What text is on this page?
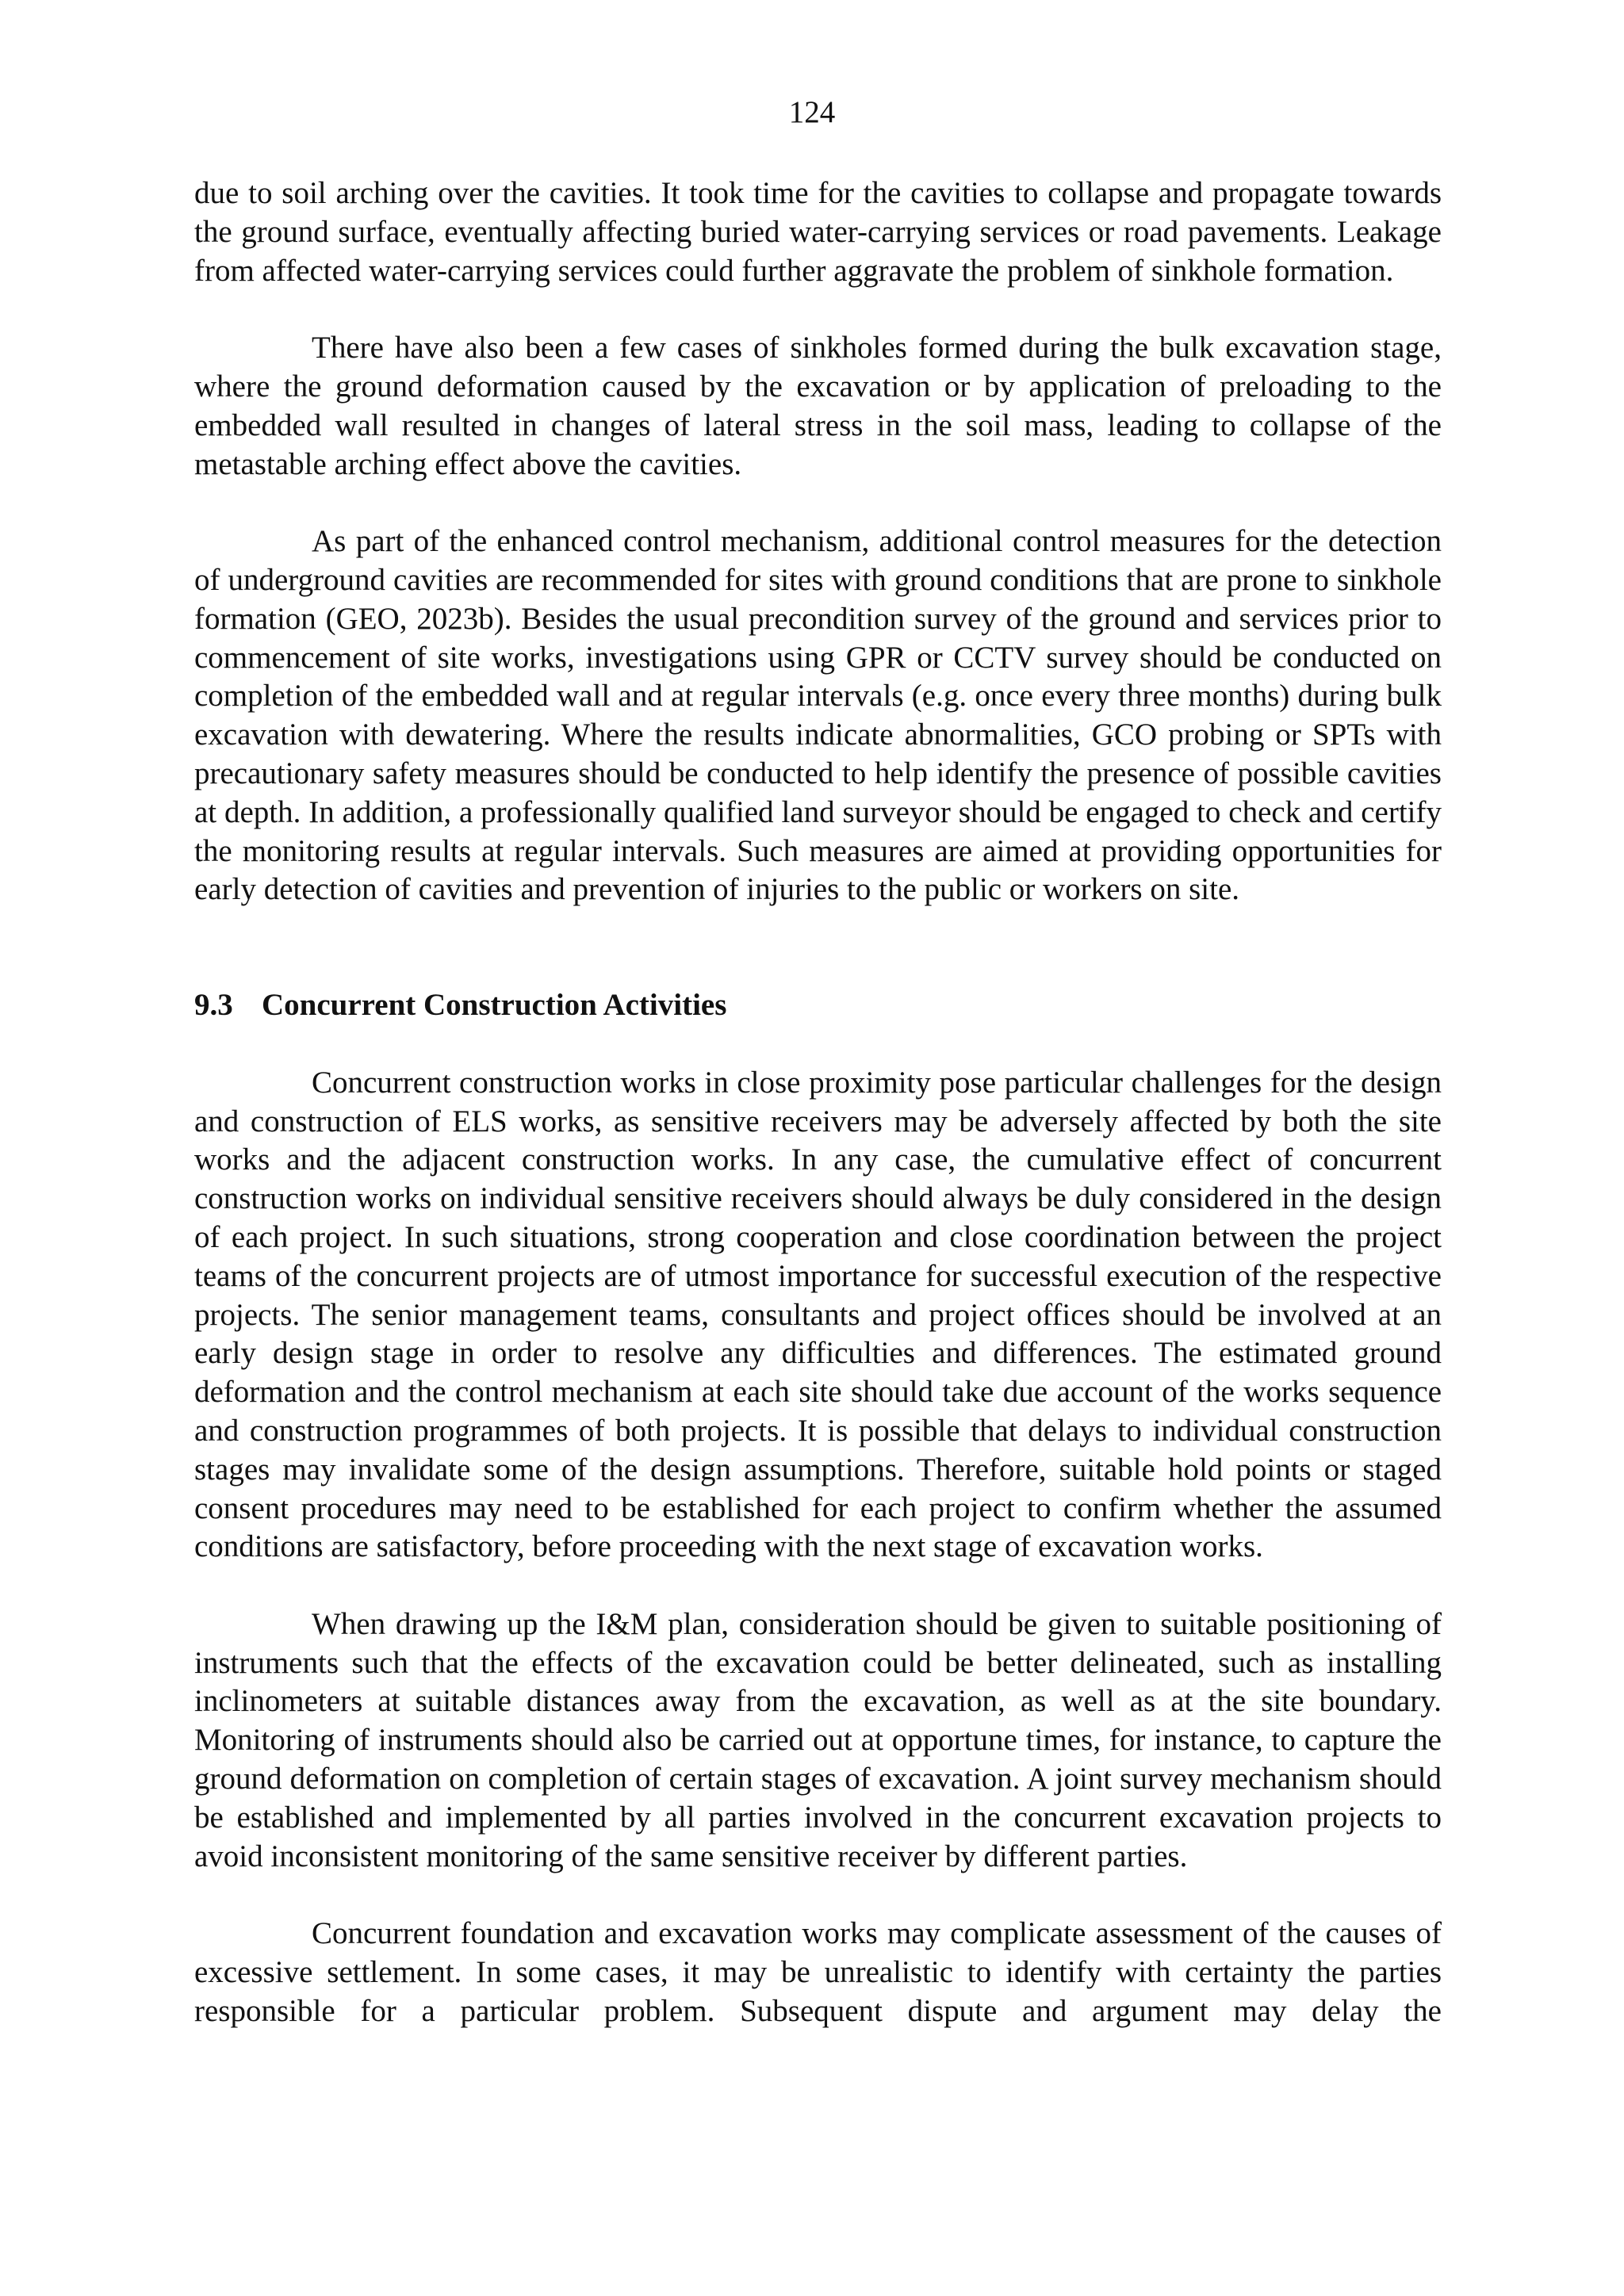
124

due to soil arching over the cavities. It took time for the cavities to collapse and propagate towards the ground surface, eventually affecting buried water-carrying services or road pavements. Leakage from affected water-carrying services could further aggravate the problem of sinkhole formation.

There have also been a few cases of sinkholes formed during the bulk excavation stage, where the ground deformation caused by the excavation or by application of preloading to the embedded wall resulted in changes of lateral stress in the soil mass, leading to collapse of the metastable arching effect above the cavities.

As part of the enhanced control mechanism, additional control measures for the detection of underground cavities are recommended for sites with ground conditions that are prone to sinkhole formation (GEO, 2023b). Besides the usual precondition survey of the ground and services prior to commencement of site works, investigations using GPR or CCTV survey should be conducted on completion of the embedded wall and at regular intervals (e.g. once every three months) during bulk excavation with dewatering. Where the results indicate abnormalities, GCO probing or SPTs with precautionary safety measures should be conducted to help identify the presence of possible cavities at depth. In addition, a professionally qualified land surveyor should be engaged to check and certify the monitoring results at regular intervals. Such measures are aimed at providing opportunities for early detection of cavities and prevention of injuries to the public or workers on site.

9.3 Concurrent Construction Activities

Concurrent construction works in close proximity pose particular challenges for the design and construction of ELS works, as sensitive receivers may be adversely affected by both the site works and the adjacent construction works. In any case, the cumulative effect of concurrent construction works on individual sensitive receivers should always be duly considered in the design of each project. In such situations, strong cooperation and close coordination between the project teams of the concurrent projects are of utmost importance for successful execution of the respective projects. The senior management teams, consultants and project offices should be involved at an early design stage in order to resolve any difficulties and differences. The estimated ground deformation and the control mechanism at each site should take due account of the works sequence and construction programmes of both projects. It is possible that delays to individual construction stages may invalidate some of the design assumptions. Therefore, suitable hold points or staged consent procedures may need to be established for each project to confirm whether the assumed conditions are satisfactory, before proceeding with the next stage of excavation works.

When drawing up the I&M plan, consideration should be given to suitable positioning of instruments such that the effects of the excavation could be better delineated, such as installing inclinometers at suitable distances away from the excavation, as well as at the site boundary. Monitoring of instruments should also be carried out at opportune times, for instance, to capture the ground deformation on completion of certain stages of excavation. A joint survey mechanism should be established and implemented by all parties involved in the concurrent excavation projects to avoid inconsistent monitoring of the same sensitive receiver by different parties.

Concurrent foundation and excavation works may complicate assessment of the causes of excessive settlement. In some cases, it may be unrealistic to identify with certainty the parties responsible for a particular problem. Subsequent dispute and argument may delay the
